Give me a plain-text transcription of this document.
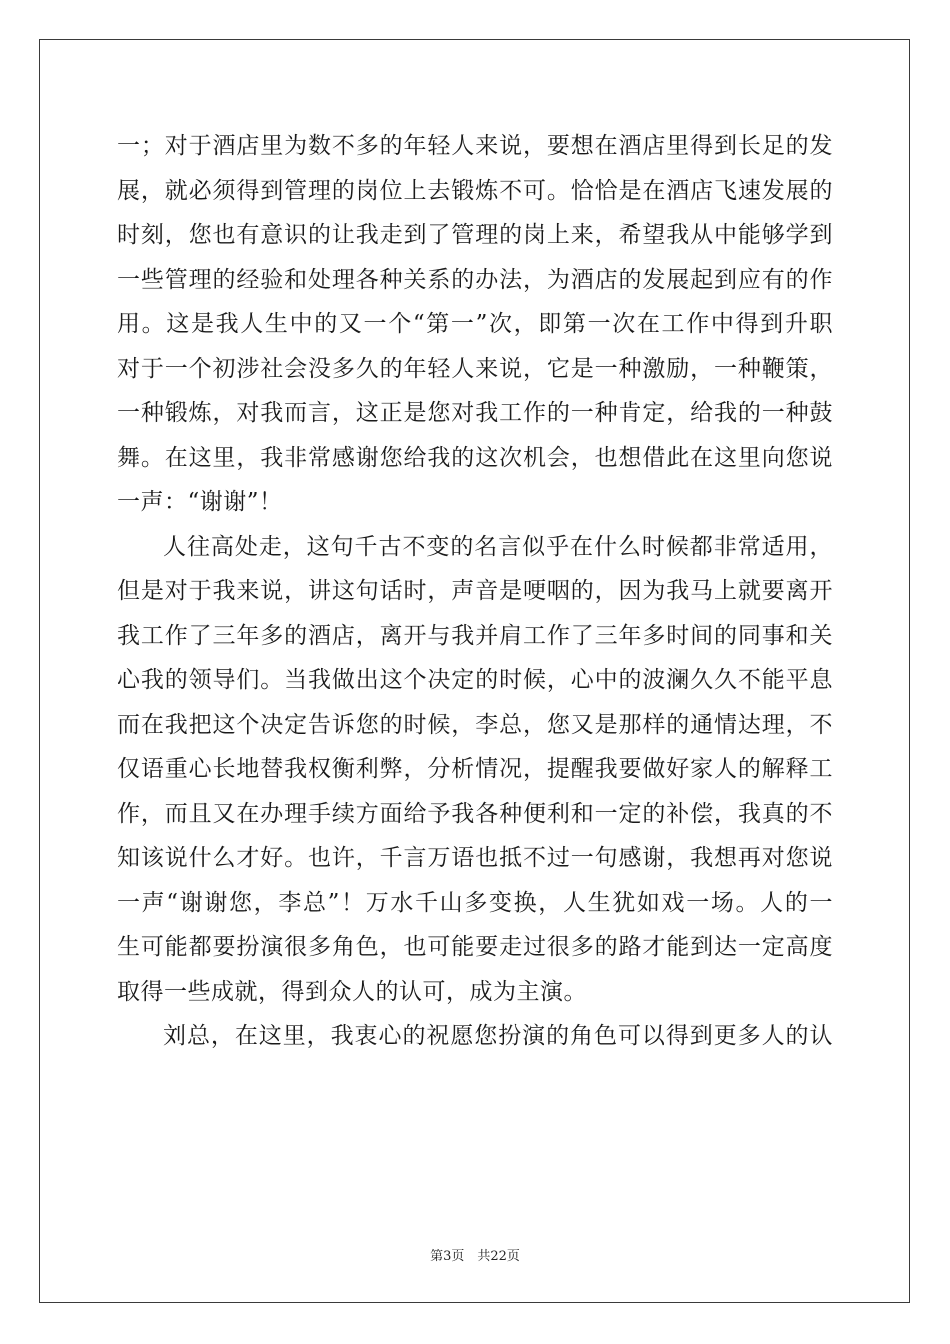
一；对于酒店里为数不多的年轻人来说，要想在酒店里得到长足的发
展，就必须得到管理的岗位上去锻炼不可。恰恰是在酒店飞速发展的
时刻，您也有意识的让我走到了管理的岗上来，希望我从中能够学到
一些管理的经验和处理各种关系的办法，为酒店的发展起到应有的作
用。这是我人生中的又一个“第一”次，即第一次在工作中得到升职
对于一个初涉社会没多久的年轻人来说，它是一种激励，一种鞭策，
一种锻炼，对我而言，这正是您对我工作的一种肯定，给我的一种鼓
舞。在这里，我非常感谢您给我的这次机会，也想借此在这里向您说
一声：“谢谢”！
人往高处走，这句千古不变的名言似乎在什么时候都非常适用，
但是对于我来说，讲这句话时，声音是哽咽的，因为我马上就要离开
我工作了三年多的酒店，离开与我并肩工作了三年多时间的同事和关
心我的领导们。当我做出这个决定的时候，心中的波澜久久不能平息
而在我把这个决定告诉您的时候，李总，您又是那样的通情达理，不
仅语重心长地替我权衡利弊，分析情况，提醒我要做好家人的解释工
作，而且又在办理手续方面给予我各种便利和一定的补偿，我真的不
知该说什么才好。也许，千言万语也抵不过一句感谢，我想再对您说
一声“谢谢您，李总”！万水千山多变换，人生犹如戏一场。人的一
生可能都要扮演很多角色，也可能要走过很多的路才能到达一定高度
取得一些成就，得到众人的认可，成为主演。
刘总，在这里，我衷心的祝愿您扮演的角色可以得到更多人的认
第3页　共22页
